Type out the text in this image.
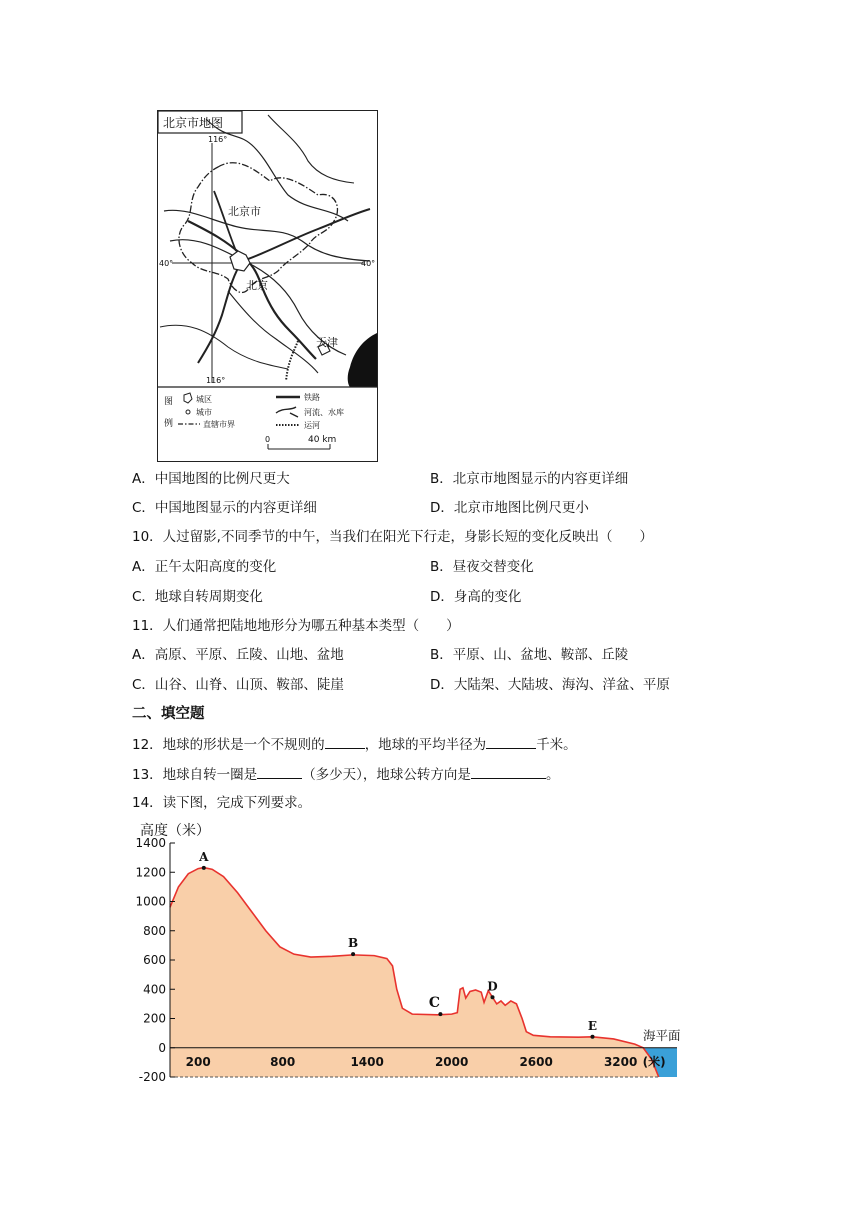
北京市地图
116°
116°
40°	40°
北京市
北京
天津
图
例
城区
城市
直辖市界
铁路
河流、水库
运河
0	40 km
A．中国地图的比例尺更大	B．北京市地图显示的内容更详细
C．中国地图显示的内容更详细	D．北京市地图比例尺更小
10．人过留影,不同季节的中午，当我们在阳光下行走，身影长短的变化反映出（　　）
A．正午太阳高度的变化	B．昼夜交替变化
C．地球自转周期变化	D．身高的变化
11．人们通常把陆地地形分为哪五种基本类型（　　）
A．高原、平原、丘陵、山地、盆地	B．平原、山、盆地、鞍部、丘陵
C．山谷、山脊、山顶、鞍部、陡崖	D．大陆架、大陆坡、海沟、洋盆、平原
二、填空题
12．地球的形状是一个不规则的	，地球的平均半径为	千米。
13．地球自转一圈是	（多少天），地球公转方向是	。
14．读下图，完成下列要求。
1400
1200
1000
800
600
400
200
0
-200
200	800	1400	2000	2600	3200 (米)
海平面
A
B
C
D
E
高度（米）
